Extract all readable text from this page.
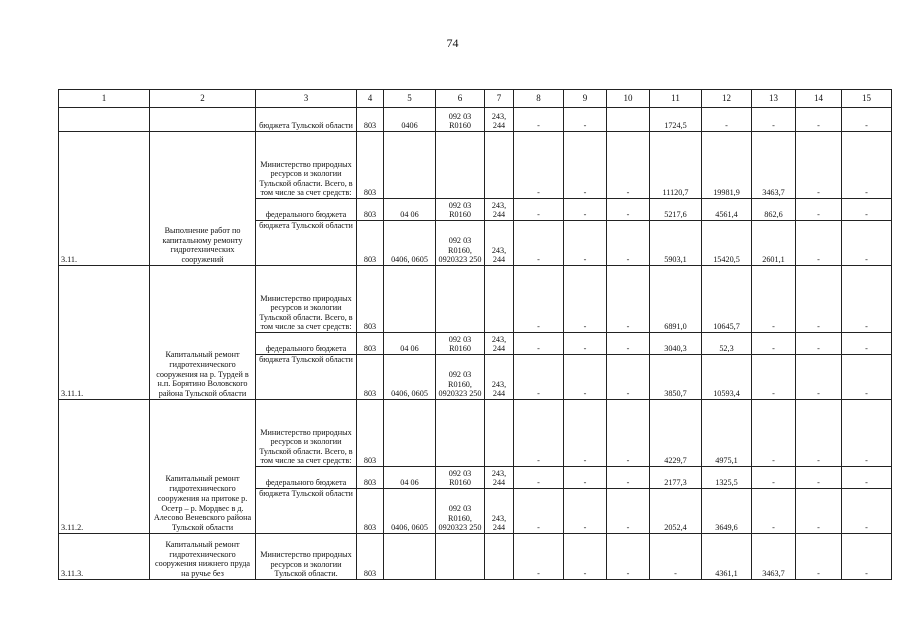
74
1	2	3	4	5	6	7	8	9	10	11	12	13	14	15
		бюджета Тульской области	803	0406	092 03 R0160	243, 244	-	-		1724,5	-	-	-	-
3.11.	Выполнение работ по капитальному ремонту гидротехнических сооружений	Министерство природных ресурсов и экологии Тульской области. Всего, в том числе за счет средств:	803				-	-	-	11120,7	19981,9	3463,7	-	-
		федерального бюджета	803	04 06	092 03 R0160	243, 244	-	-	-	5217,6	4561,4	862,6	-	-
		бюджета Тульской области	803	0406, 0605	092 03 R0160, 0920323 250	243, 244	-	-	-	5903,1	15420,5	2601,1	-	-
3.11.1.	Капитальный ремонт гидротехнического сооружения на р. Турдей в н.п. Борятино Воловского района Тульской области	Министерство природных ресурсов и экологии Тульской области. Всего, в том числе за счет средств:	803				-	-	-	6891,0	10645,7	-	-	-
		федерального бюджета	803	04 06	092 03 R0160	243, 244	-	-	-	3040,3	52,3	-	-	-
		бюджета Тульской области	803	0406, 0605	092 03 R0160, 0920323 250	243, 244	-	-	-	3850,7	10593,4	-	-	-
3.11.2.	Капитальный ремонт гидротехнического сооружения на притоке р. Осетр – р. Мордвес в д. Алесово Веневского района Тульской области	Министерство природных ресурсов и экологии Тульской области. Всего, в том числе за счет средств:	803				-	-	-	4229,7	4975,1	-	-	-
		федерального бюджета	803	04 06	092 03 R0160	243, 244	-	-	-	2177,3	1325,5	-	-	-
		бюджета Тульской области	803	0406, 0605	092 03 R0160, 0920323 250	243, 244	-	-	-	2052,4	3649,6	-	-	-
3.11.3.	Капитальный ремонт гидротехнического сооружения нижнего пруда на ручье без	Министерство природных ресурсов и экологии Тульской области.	803				-	-	-	-	4361,1	3463,7	-	-
